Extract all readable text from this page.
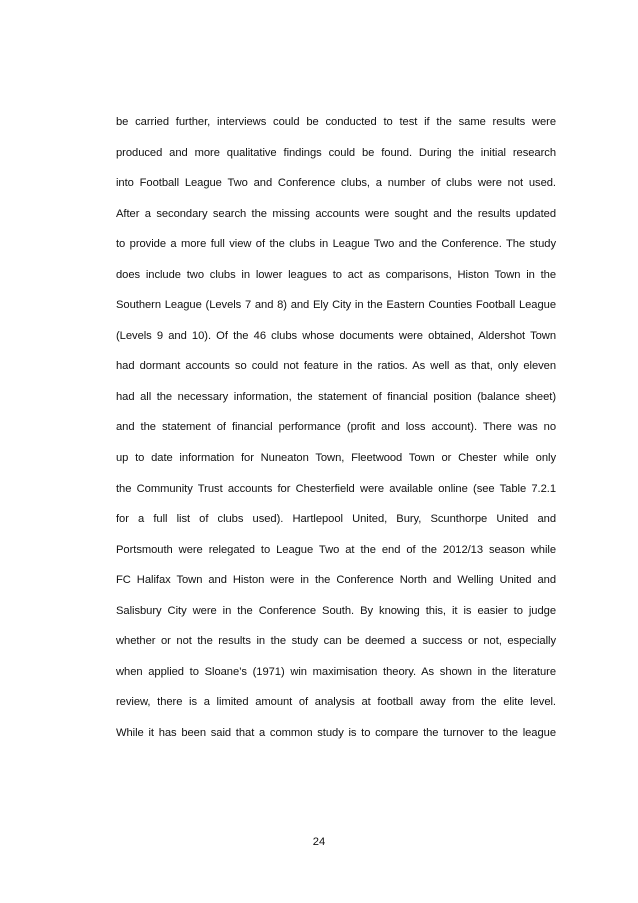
be carried further, interviews could be conducted to test if the same results were
produced and more qualitative findings could be found. During the initial research
into Football League Two and Conference clubs, a number of clubs were not used.
After a secondary search the missing accounts were sought and the results updated
to provide a more full view of the clubs in League Two and the Conference. The study
does include two clubs in lower leagues to act as comparisons, Histon Town in the
Southern League (Levels 7 and 8) and Ely City in the Eastern Counties Football League
(Levels 9 and 10). Of the 46 clubs whose documents were obtained, Aldershot Town
had dormant accounts so could not feature in the ratios. As well as that, only eleven
had all the necessary information, the statement of financial position (balance sheet)
and the statement of financial performance (profit and loss account). There was no
up to date information for Nuneaton Town, Fleetwood Town or Chester while only
the Community Trust accounts for Chesterfield were available online (see Table 7.2.1
for a full list of clubs used). Hartlepool United, Bury, Scunthorpe United and
Portsmouth were relegated to League Two at the end of the 2012/13 season while
FC Halifax Town and Histon were in the Conference North and Welling United and
Salisbury City were in the Conference South. By knowing this, it is easier to judge
whether or not the results in the study can be deemed a success or not, especially
when applied to Sloane’s (1971) win maximisation theory. As shown in the literature
review, there is a limited amount of analysis at football away from the elite level.
While it has been said that a common study is to compare the turnover to the league
24
